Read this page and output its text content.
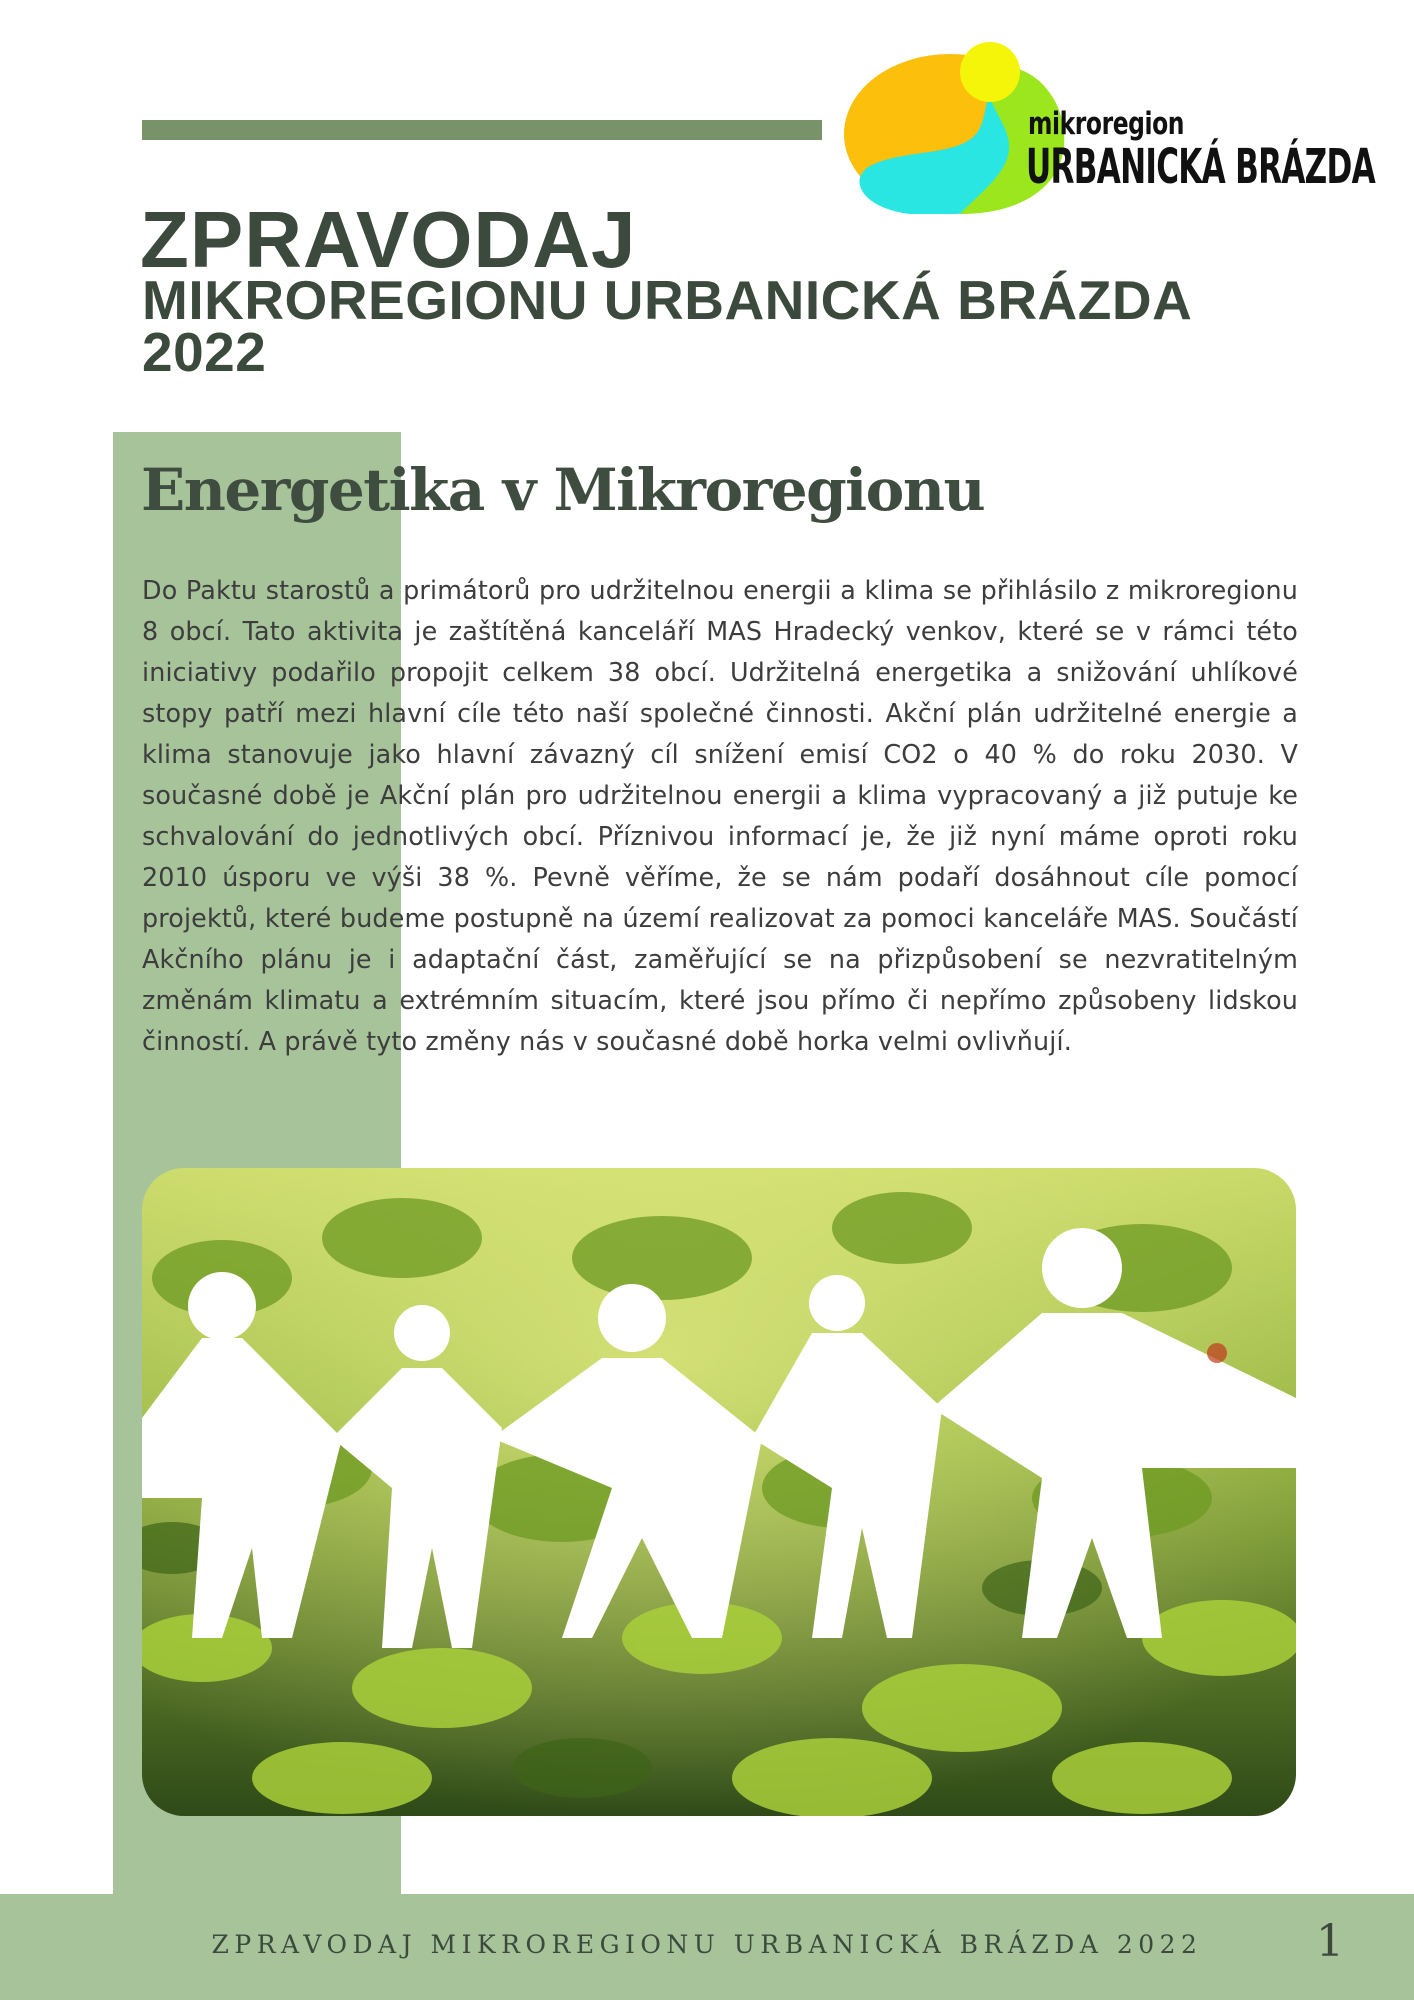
mikroregion
URBANICKÁ BRÁZDA
ZPRAVODAJ
MIKROREGIONU URBANICKÁ BRÁZDA
2022
Energetika v Mikroregionu

Do Paktu starostů a primátorů pro udržitelnou energii a klima se přihlásilo z mikroregionu 8 obcí. Tato aktivita je zaštítěná kanceláří MAS Hradecký venkov, které se v rámci této iniciativy podařilo propojit celkem 38 obcí. Udržitelná energetika a snižování uhlíkové stopy patří mezi hlavní cíle této naší společné činnosti. Akční plán udržitelné energie a klima stanovuje jako hlavní závazný cíl snížení emisí CO2 o 40 % do roku 2030. V současné době je Akční plán pro udržitelnou energii a klima vypracovaný a již putuje ke schvalování do jednotlivých obcí. Příznivou informací je, že již nyní máme oproti roku 2010 úsporu ve výši 38 %. Pevně věříme, že se nám podaří dosáhnout cíle pomocí projektů, které budeme postupně na území realizovat za pomoci kanceláře MAS. Součástí Akčního plánu je i adaptační část, zaměřující se na přizpůsobení se nezvratitelným změnám klimatu a extrémním situacím, které jsou přímo či nepřímo způsobeny lidskou činností. A právě tyto změny nás v současné době horka velmi ovlivňují.

ZPRAVODAJ MIKROREGIONU URBANICKÁ BRÁZDA 2022	1
